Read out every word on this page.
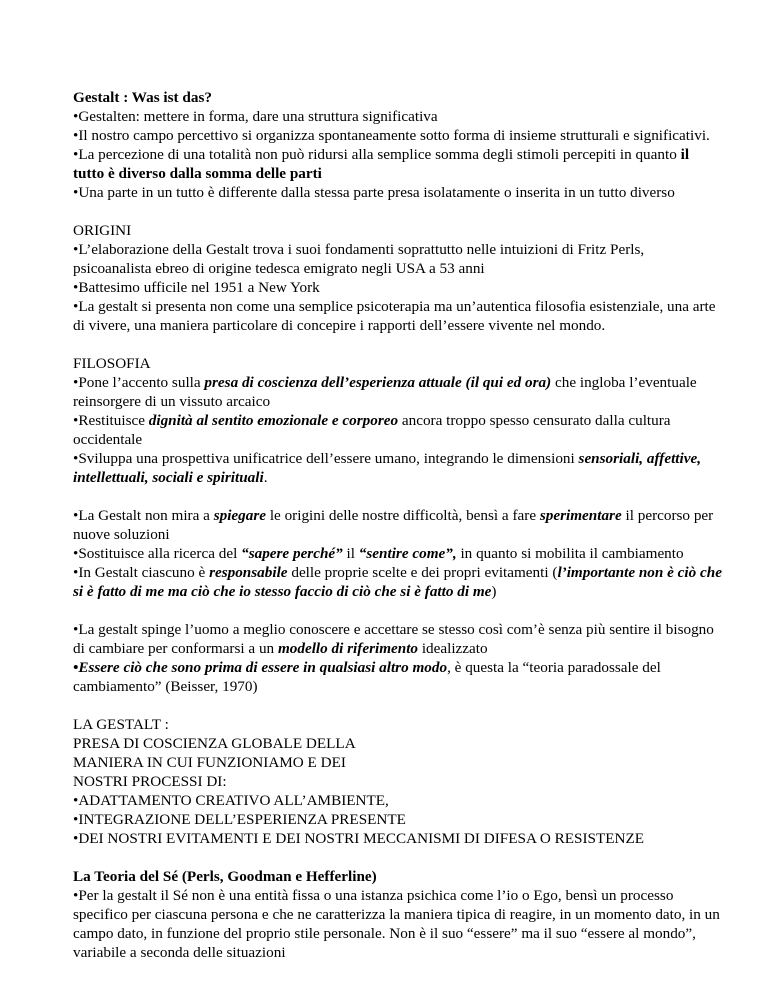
Gestalt : Was ist das?

•Gestalten: mettere in forma, dare una struttura significativa

•Il nostro campo percettivo si organizza spontaneamente sotto forma di insieme strutturali e significativi.

•La percezione di una totalità non può ridursi alla semplice somma degli stimoli percepiti in quanto il tutto è diverso dalla somma delle parti

•Una parte in un tutto è differente dalla stessa parte presa isolatamente o inserita in un tutto diverso

ORIGINI

•L’elaborazione della Gestalt trova i suoi fondamenti soprattutto nelle intuizioni di Fritz Perls, psicoanalista ebreo di origine tedesca emigrato negli USA a 53 anni

•Battesimo ufficile nel 1951 a New York

•La gestalt si presenta non come una semplice psicoterapia ma un’autentica filosofia esistenziale, una arte di vivere, una maniera particolare di concepire i rapporti dell’essere vivente nel mondo.

FILOSOFIA

•Pone l’accento sulla presa di coscienza dell’esperienza attuale (il qui ed ora) che ingloba l’eventuale reinsorgere di un vissuto arcaico

•Restituisce dignità al sentito emozionale e corporeo ancora troppo spesso censurato dalla cultura occidentale

•Sviluppa una prospettiva unificatrice dell’essere umano, integrando le dimensioni sensoriali, affettive, intellettuali, sociali e spirituali.

•La Gestalt non mira a spiegare le origini delle nostre difficoltà, bensì a fare sperimentare il percorso per nuove soluzioni

•Sostituisce alla ricerca del “sapere perché” il “sentire come”, in quanto si mobilita il cambiamento

•In Gestalt ciascuno è responsabile delle proprie scelte e dei propri evitamenti (l’importante non è ciò che si è fatto di me ma ciò che io stesso faccio di ciò che si è fatto di me)

•La gestalt spinge l’uomo a meglio conoscere e accettare se stesso così com’è senza più sentire il bisogno di cambiare per conformarsi a un modello di riferimento idealizzato

•Essere ciò che sono prima di essere in qualsiasi altro modo, è questa la “teoria paradossale del cambiamento” (Beisser, 1970)

LA GESTALT :

PRESA DI COSCIENZA GLOBALE DELLA

MANIERA IN CUI FUNZIONIAMO E DEI

NOSTRI PROCESSI DI:

•ADATTAMENTO CREATIVO ALL’AMBIENTE,

•INTEGRAZIONE DELL’ESPERIENZA PRESENTE

•DEI NOSTRI EVITAMENTI E DEI NOSTRI MECCANISMI DI DIFESA O RESISTENZE

La Teoria del Sé (Perls, Goodman e Hefferline)

•Per la gestalt il Sé non è una entità fissa o una istanza psichica come l’io o Ego, bensì un processo specifico per ciascuna persona e che ne caratterizza la maniera tipica di reagire, in un momento dato, in un campo dato, in funzione del proprio stile personale. Non è il suo “essere” ma il suo “essere al mondo”, variabile a seconda delle situazioni
